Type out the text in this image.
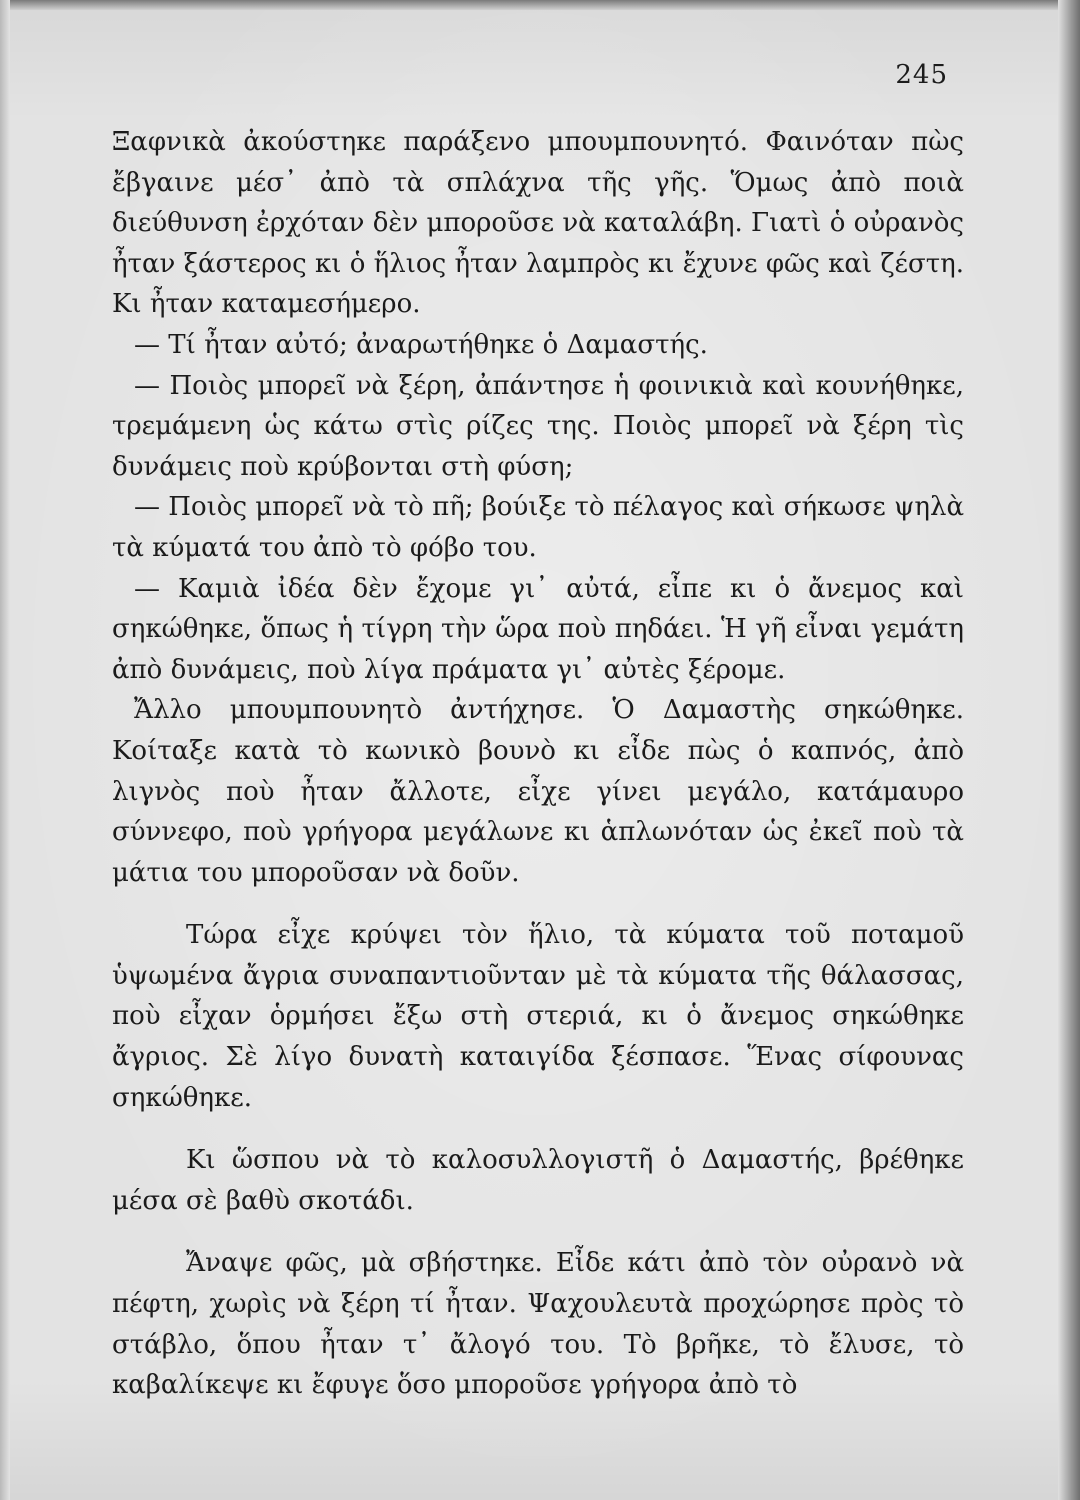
245

Ξαφνικὰ ἀκούστηκε παράξενο μπουμπουνητό. Φαινόταν πὼς ἔβγαινε μέσ᾿ ἀπὸ τὰ σπλάχνα τῆς γῆς. Ὅμως ἀπὸ ποιὰ διεύθυνση ἐρχόταν δὲν μποροῦσε νὰ καταλάβη. Γιατὶ ὁ οὐρανὸς ἦταν ξάστερος κι ὁ ἥλιος ἦταν λαμπρὸς κι ἔχυνε φῶς καὶ ζέστη. Κι ἦταν καταμεσήμερο.

— Τί ἦταν αὐτό; ἀναρωτήθηκε ὁ Δαμαστής.

— Ποιὸς μπορεῖ νὰ ξέρη, ἀπάντησε ἡ φοινικιὰ καὶ κουνήθηκε, τρεμάμενη ὡς κάτω στὶς ρίζες της. Ποιὸς μπορεῖ νὰ ξέρη τὶς δυνάμεις ποὺ κρύβονται στὴ φύση;

— Ποιὸς μπορεῖ νὰ τὸ πῆ; βούιξε τὸ πέλαγος καὶ σήκωσε ψηλὰ τὰ κύματά του ἀπὸ τὸ φόβο του.

— Καμιὰ ἰδέα δὲν ἔχομε γι᾿ αὐτά, εἶπε κι ὁ ἄνεμος καὶ σηκώθηκε, ὅπως ἡ τίγρη τὴν ὥρα ποὺ πηδάει. Ἡ γῆ εἶναι γεμάτη ἀπὸ δυνάμεις, ποὺ λίγα πράματα γι᾿ αὐτὲς ξέρομε.

Ἄλλο μπουμπουνητὸ ἀντήχησε. Ὁ Δαμαστὴς σηκώθηκε. Κοίταξε κατὰ τὸ κωνικὸ βουνὸ κι εἶδε πὼς ὁ καπνός, ἀπὸ λιγνὸς ποὺ ἦταν ἄλλοτε, εἶχε γίνει μεγάλο, κατάμαυρο σύννεφο, ποὺ γρήγορα μεγάλωνε κι ἁπλωνόταν ὡς ἐκεῖ ποὺ τὰ μάτια του μποροῦσαν νὰ δοῦν.

Τώρα εἶχε κρύψει τὸν ἥλιο, τὰ κύματα τοῦ ποταμοῦ ὑψωμένα ἄγρια συναπαντιοῦνταν μὲ τὰ κύματα τῆς θάλασσας, ποὺ εἶχαν ὁρμήσει ἔξω στὴ στεριά, κι ὁ ἄνεμος σηκώθηκε ἄγριος. Σὲ λίγο δυνατὴ καταιγίδα ξέσπασε. Ἕνας σίφουνας σηκώθηκε.

Κι ὥσπου νὰ τὸ καλοσυλλογιστῆ ὁ Δαμαστής, βρέθηκε μέσα σὲ βαθὺ σκοτάδι.

Ἄναψε φῶς, μὰ σβήστηκε. Εἶδε κάτι ἀπὸ τὸν οὐρανὸ νὰ πέφτη, χωρὶς νὰ ξέρη τί ἦταν. Ψαχουλευτὰ προχώρησε πρὸς τὸ στάβλο, ὅπου ἦταν τ᾿ ἄλογό του. Τὸ βρῆκε, τὸ ἔλυσε, τὸ καβαλίκεψε κι ἔφυγε ὅσο μποροῦσε γρήγορα ἀπὸ τὸ
